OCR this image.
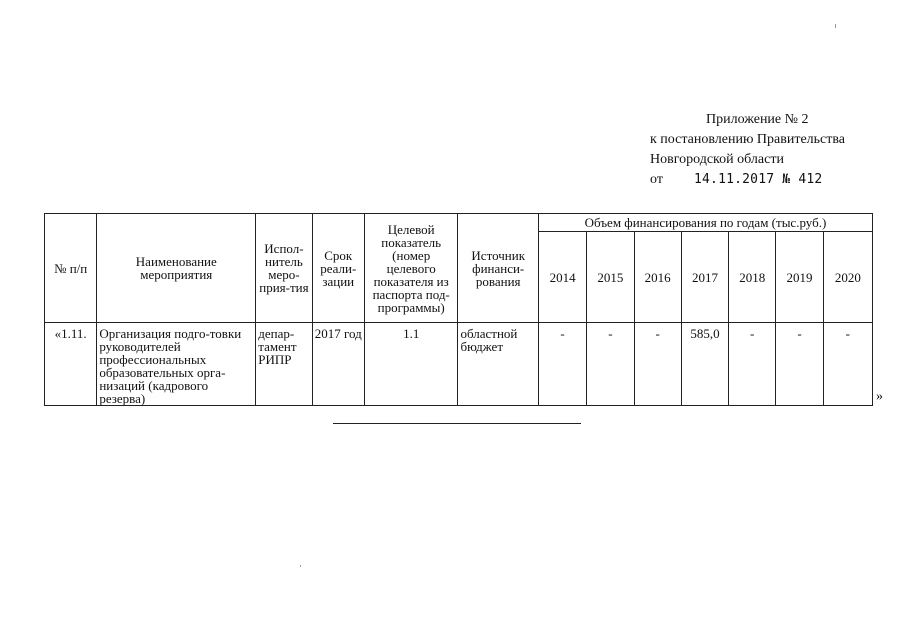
Приложение № 2
к постановлению Правительства
Новгородской области
от 14.11.2017 № 412
№ п/п	Наименование мероприятия	Испол-нитель меро-прия-тия	Срок реали-зации	Целевой показатель (номер целевого показателя из паспорта под-программы)	Источник финанси-рования	Объем финансирования по годам (тыс.руб.)						
						2014	2015	2016	2017	2018	2019	2020
«1.11.	Организация подго-товки руководителей профессиональных образовательных орга-низаций (кадрового резерва)	депар-тамент РИПР	2017 год	1.1	областной бюджет	-	-	-	585,0	-	-	-
»
